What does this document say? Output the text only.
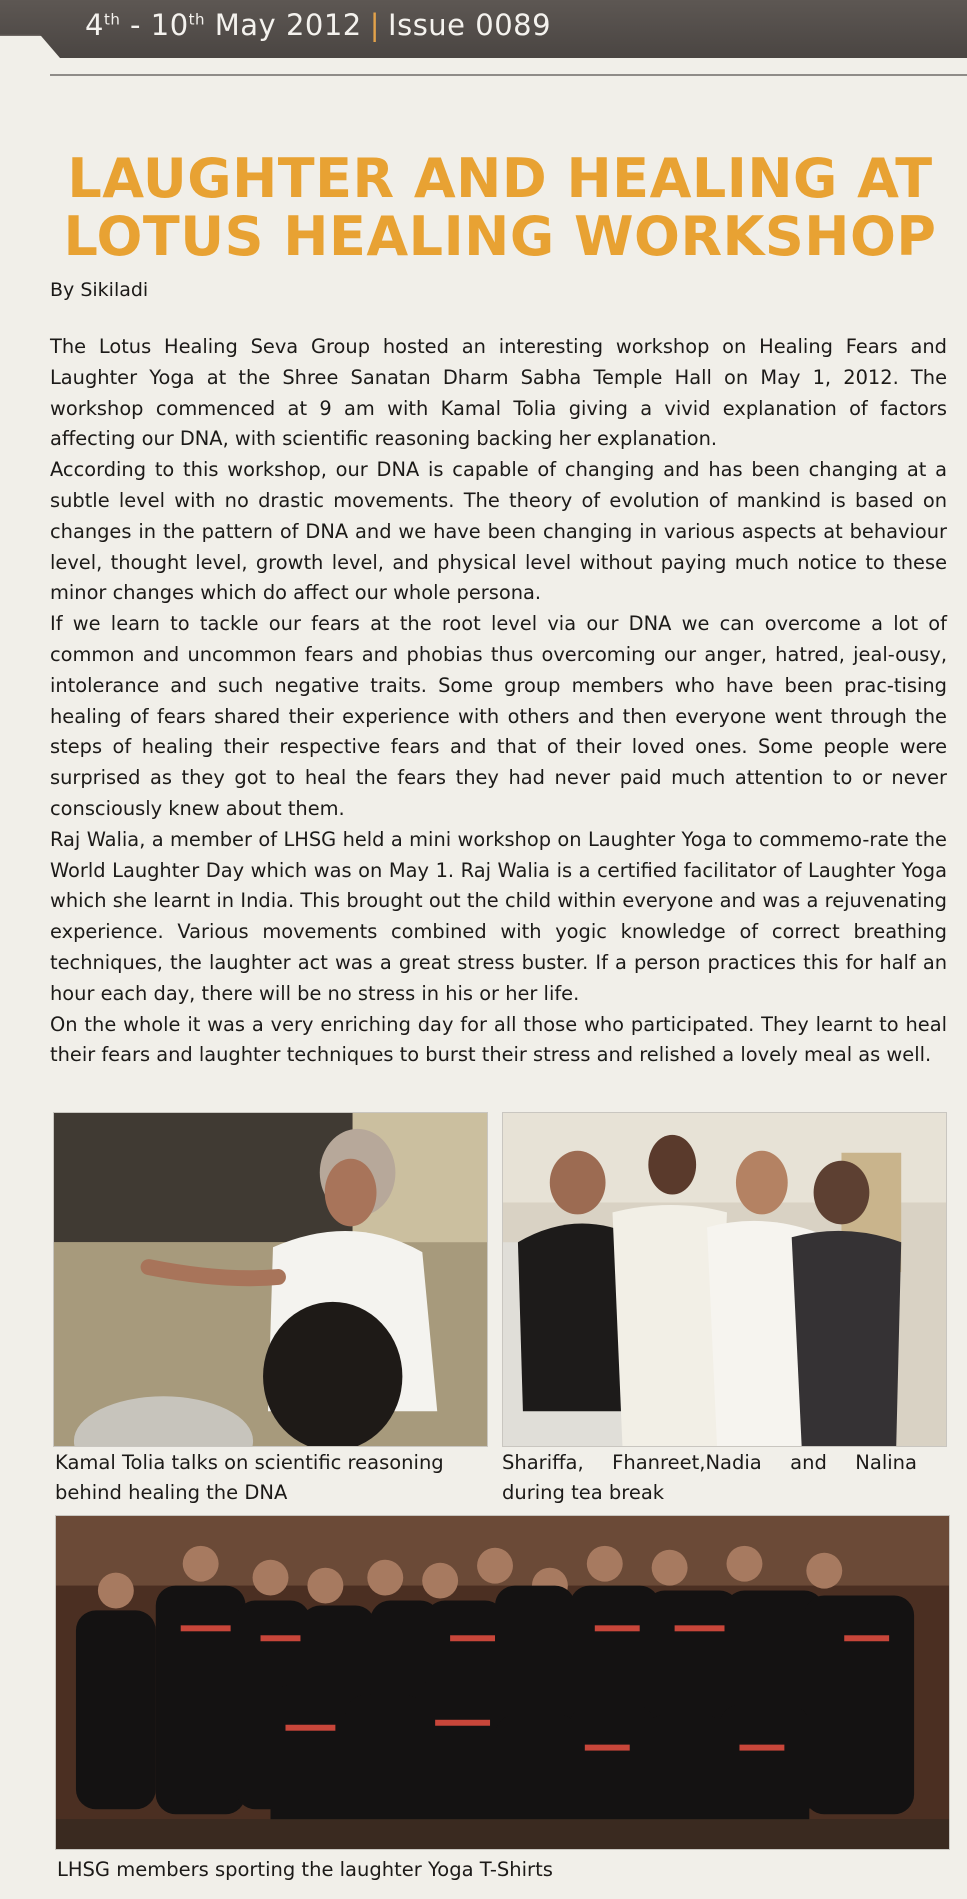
4th - 10th May 2012 | Issue 0089
LAUGHTER AND HEALING AT LOTUS HEALING WORKSHOP
By Sikiladi

The Lotus Healing Seva Group hosted an interesting workshop on Healing Fears and Laughter Yoga at the Shree Sanatan Dharm Sabha Temple Hall on May 1, 2012. The workshop commenced at 9 am with Kamal Tolia giving a vivid explanation of factors affecting our DNA, with scientific reasoning backing her explanation.

According to this workshop, our DNA is capable of changing and has been changing at a subtle level with no drastic movements. The theory of evolution of mankind is based on changes in the pattern of DNA and we have been changing in various aspects at behaviour level, thought level, growth level, and physical level without paying much notice to these minor changes which do affect our whole persona.

If we learn to tackle our fears at the root level via our DNA we can overcome a lot of common and uncommon fears and phobias thus overcoming our anger, hatred, jeal-ousy, intolerance and such negative traits. Some group members who have been prac-tising healing of fears shared their experience with others and then everyone went through the steps of healing their respective fears and that of their loved ones. Some people were surprised as they got to heal the fears they had never paid much attention to or never consciously knew about them.

Raj Walia, a member of LHSG held a mini workshop on Laughter Yoga to commemo-rate the World Laughter Day which was on May 1. Raj Walia is a certified facilitator of Laughter Yoga which she learnt in India. This brought out the child within everyone and was a rejuvenating experience. Various movements combined with yogic knowledge of correct breathing techniques, the laughter act was a great stress buster. If a person practices this for half an hour each day, there will be no stress in his or her life.

On the whole it was a very enriching day for all those who participated. They learnt to heal their fears and laughter techniques to burst their stress and relished a lovely meal as well.

Kamal Tolia talks on scientific reasoning behind healing the DNA
Shariffa, Fhanreet,Nadia and Nalina during tea break
LHSG members sporting the laughter Yoga T-Shirts
